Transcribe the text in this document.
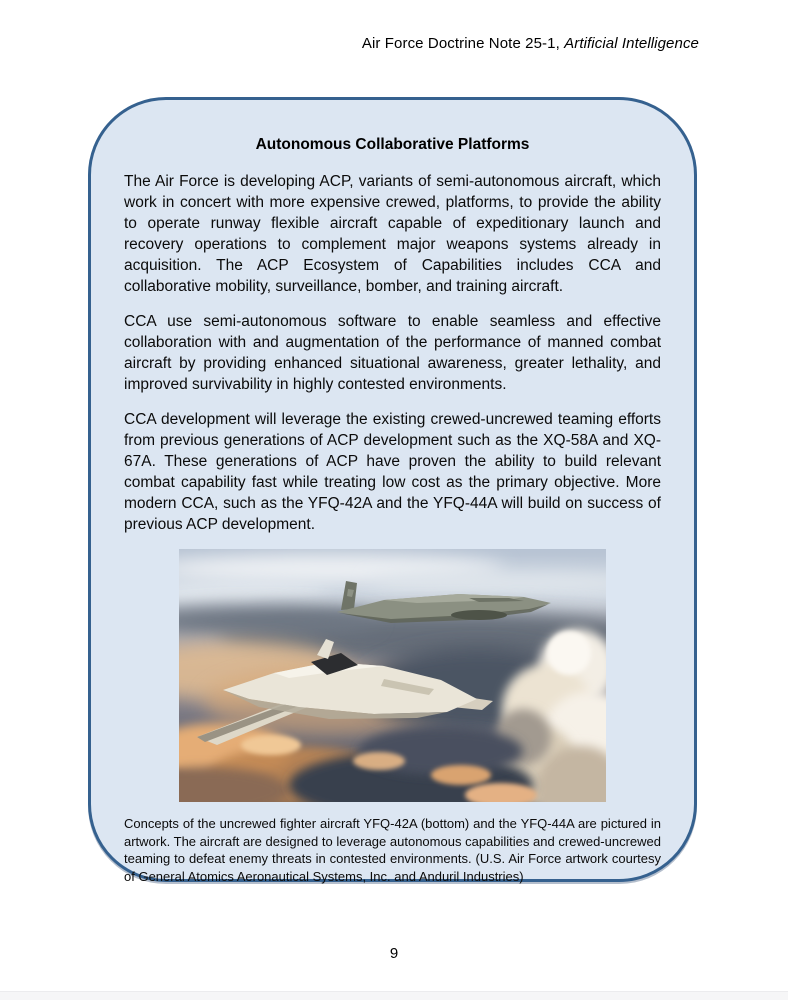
Air Force Doctrine Note 25-1, Artificial Intelligence
Autonomous Collaborative Platforms

The Air Force is developing ACP, variants of semi-autonomous aircraft, which work in concert with more expensive crewed, platforms, to provide the ability to operate runway flexible aircraft capable of expeditionary launch and recovery operations to complement major weapons systems already in acquisition. The ACP Ecosystem of Capabilities includes CCA and collaborative mobility, surveillance, bomber, and training aircraft.

CCA use semi-autonomous software to enable seamless and effective collaboration with and augmentation of the performance of manned combat aircraft by providing enhanced situational awareness, greater lethality, and improved survivability in highly contested environments.

CCA development will leverage the existing crewed-uncrewed teaming efforts from previous generations of ACP development such as the XQ-58A and XQ-67A. These generations of ACP have proven the ability to build relevant combat capability fast while treating low cost as the primary objective. More modern CCA, such as the YFQ-42A and the YFQ-44A will build on success of previous ACP development.

Concepts of the uncrewed fighter aircraft YFQ-42A (bottom) and the YFQ-44A are pictured in artwork. The aircraft are designed to leverage autonomous capabilities and crewed-uncrewed teaming to defeat enemy threats in contested environments. (U.S. Air Force artwork courtesy of General Atomics Aeronautical Systems, Inc. and Anduril Industries)

9
